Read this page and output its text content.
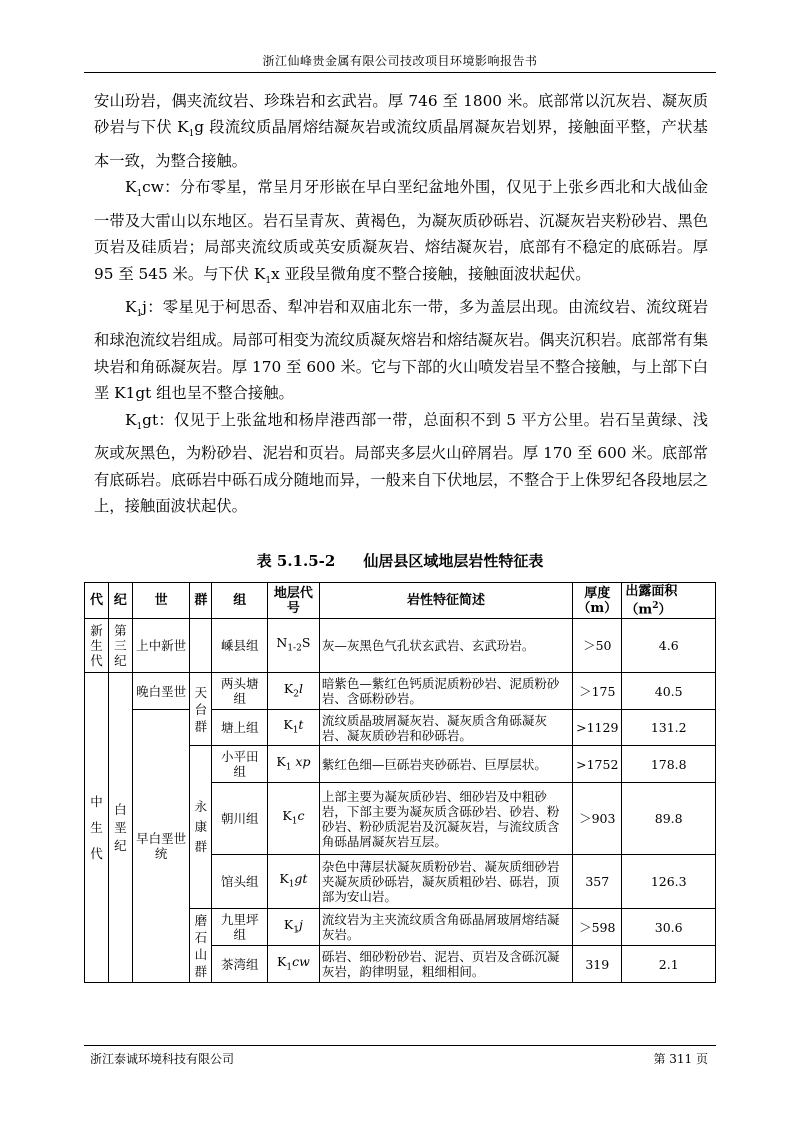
浙江仙峰贵金属有限公司技改项目环境影响报告书

安山玢岩，偶夹流纹岩、珍珠岩和玄武岩。厚 746 至 1800 米。底部常以沉灰岩、凝灰质砂岩与下伏 $K_1g$ 段流纹质晶屑熔结凝灰岩或流纹质晶屑凝灰岩划界，接触面平整，产状基本一致，为整合接触。

$K_1cw$：分布零星，常呈月牙形嵌在早白垩纪盆地外围，仅见于上张乡西北和大战仙金一带及大雷山以东地区。岩石呈青灰、黄褐色，为凝灰质砂砾岩、沉凝灰岩夹粉砂岩、黑色页岩及硅质岩；局部夹流纹质或英安质凝灰岩、熔结凝灰岩，底部有不稳定的底砾岩。厚 95 至 545 米。与下伏 $K_1x$ 亚段呈微角度不整合接触，接触面波状起伏。

$K_1j$：零星见于柯思岙、犁冲岩和双庙北东一带，多为盖层出现。由流纹岩、流纹斑岩和球泡流纹岩组成。局部可相变为流纹质凝灰熔岩和熔结凝灰岩。偶夹沉积岩。底部常有集块岩和角砾凝灰岩。厚 170 至 600 米。它与下部的火山喷发岩呈不整合接触，与上部下白垩 K1gt 组也呈不整合接触。

$K_1gt$：仅见于上张盆地和杨岸港西部一带，总面积不到 5 平方公里。岩石呈黄绿、浅灰或灰黑色，为粉砂岩、泥岩和页岩。局部夹多层火山碎屑岩。厚 170 至 600 米。底部常有底砾岩。底砾岩中砾石成分随地而异，一般来自下伏地层，不整合于上侏罗纪各段地层之上，接触面波状起伏。

表 5.1.5-2 仙居县区域地层岩性特征表
代	纪	世	群	组	地层代号	岩性特征简述	厚度（m）	出露面积$(m^2)$
新生代	第三纪	上中新世		嵊县组	$N_{1-2}S$	灰—灰黑色气孔状玄武岩、玄武玢岩。	＞50	4.6
中生代	白垩纪	晚白垩世	天台群	两头塘组	$K_2l$	暗紫色—紫红色钙质泥质粉砂岩、泥质粉砂岩、含砾粉砂岩。	＞175	40.5
		早白垩世统		塘上组	$K_1t$	流纹质晶玻屑凝灰岩、凝灰质含角砾凝灰岩、凝灰质砂岩和砂砾岩。	>1129	131.2
			永康群	小平田组	$K_1$ xp	紫红色细—巨砾岩夹砂砾岩、巨厚层状。	>1752	178.8
				朝川组	$K_1c$	上部主要为凝灰质砂岩、细砂岩及中粗砂岩，下部主要为凝灰质含砾砂岩、砂岩、粉砂岩、粉砂质泥岩及沉凝灰岩，与流纹质含角砾晶屑凝灰岩互层。	＞903	89.8
				馆头组	$K_1gt$	杂色中薄层状凝灰质粉砂岩、凝灰质细砂岩夹凝灰质砂砾岩，凝灰质粗砂岩、砾岩，顶部为安山岩。	357	126.3
			磨石山群	九里坪组	$K_1j$	流纹岩为主夹流纹质含角砾晶屑玻屑熔结凝灰岩。	＞598	30.6
				茶湾组	$K_1cw$	砾岩、细砂粉砂岩、泥岩、页岩及含砾沉凝灰岩，韵律明显，粗细相间。	319	2.1
浙江泰诚环境科技有限公司	第 311 页
